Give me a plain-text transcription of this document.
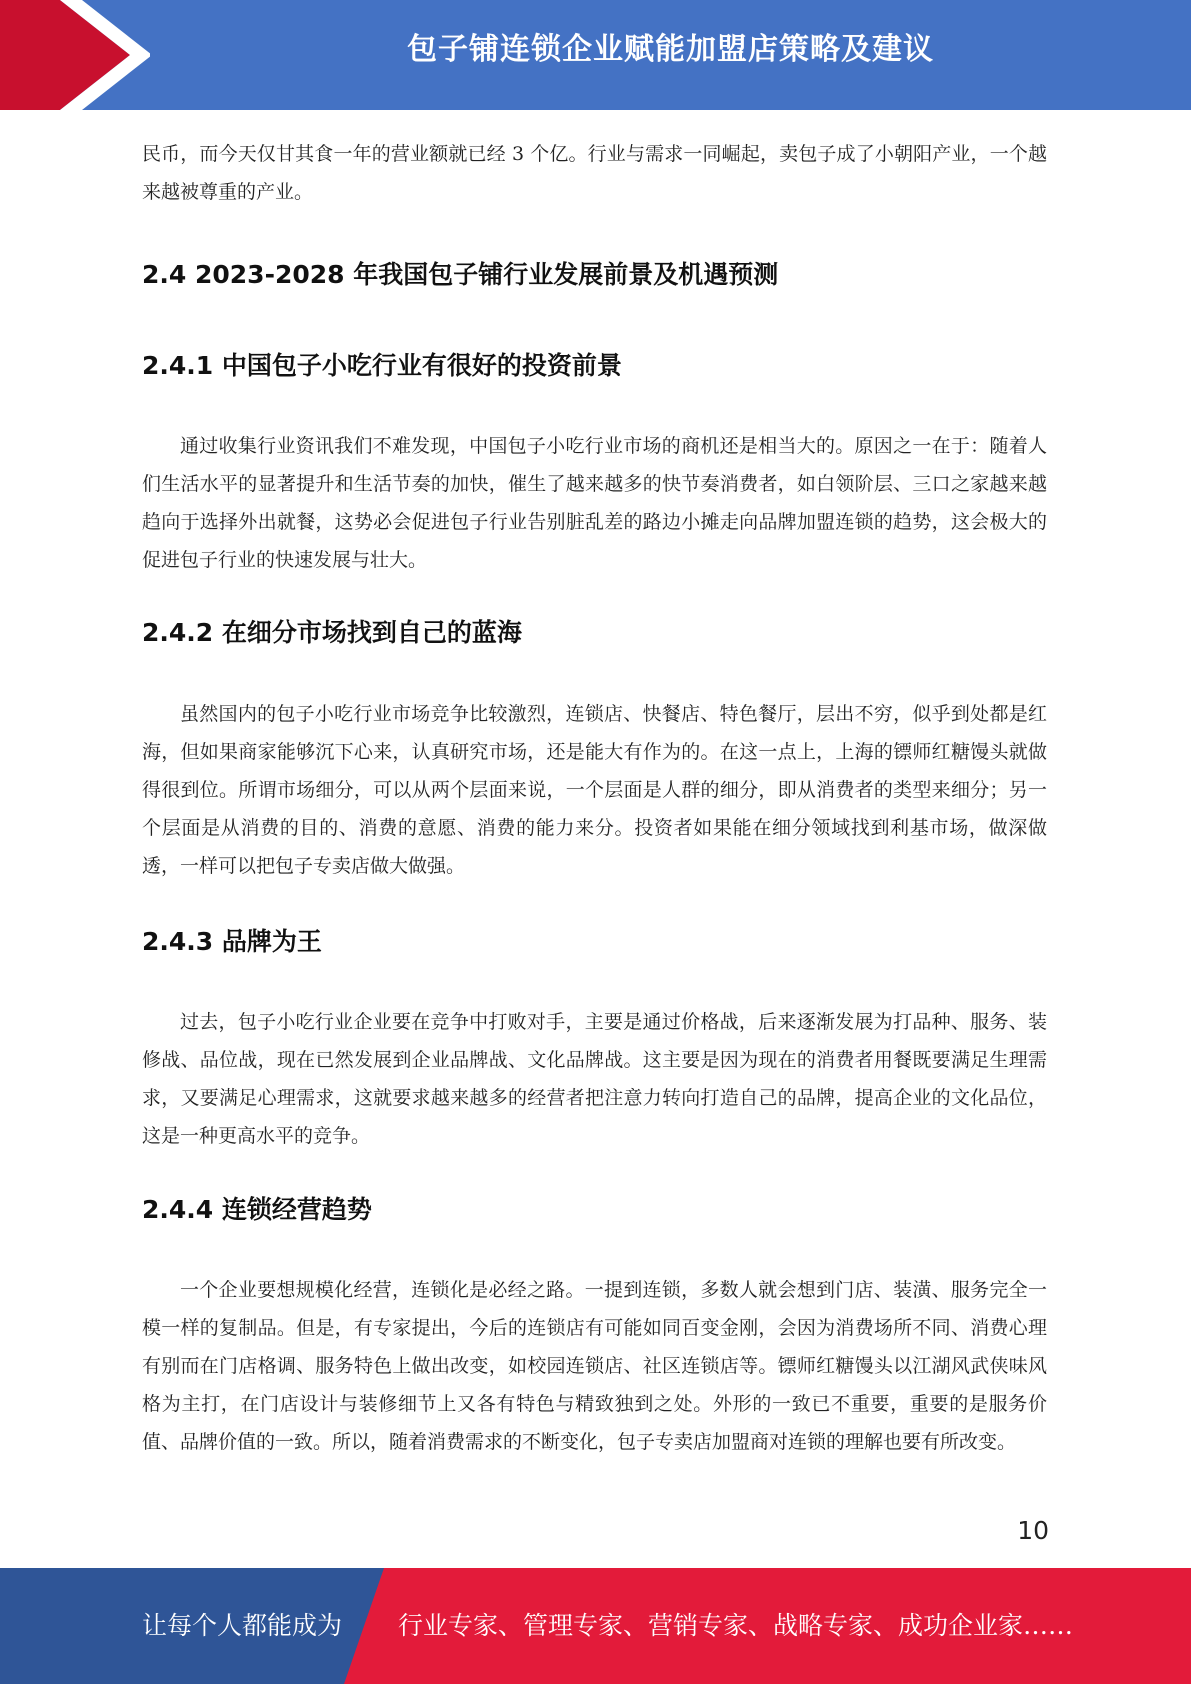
包子铺连锁企业赋能加盟店策略及建议

民币，而今天仅甘其食一年的营业额就已经 3 个亿。行业与需求一同崛起，卖包子成了小朝阳产业，一个越来越被尊重的产业。

2.4 2023-2028 年我国包子铺行业发展前景及机遇预测
2.4.1 中国包子小吃行业有很好的投资前景

通过收集行业资讯我们不难发现，中国包子小吃行业市场的商机还是相当大的。原因之一在于：随着人们生活水平的显著提升和生活节奏的加快，催生了越来越多的快节奏消费者，如白领阶层、三口之家越来越趋向于选择外出就餐，这势必会促进包子行业告别脏乱差的路边小摊走向品牌加盟连锁的趋势，这会极大的促进包子行业的快速发展与壮大。

2.4.2 在细分市场找到自己的蓝海

虽然国内的包子小吃行业市场竞争比较激烈，连锁店、快餐店、特色餐厅，层出不穷，似乎到处都是红海，但如果商家能够沉下心来，认真研究市场，还是能大有作为的。在这一点上，上海的镖师红糖馒头就做得很到位。所谓市场细分，可以从两个层面来说，一个层面是人群的细分，即从消费者的类型来细分；另一个层面是从消费的目的、消费的意愿、消费的能力来分。投资者如果能在细分领域找到利基市场，做深做透，一样可以把包子专卖店做大做强。

2.4.3 品牌为王

过去，包子小吃行业企业要在竞争中打败对手，主要是通过价格战，后来逐渐发展为打品种、服务、装修战、品位战，现在已然发展到企业品牌战、文化品牌战。这主要是因为现在的消费者用餐既要满足生理需求，又要满足心理需求，这就要求越来越多的经营者把注意力转向打造自己的品牌，提高企业的文化品位，这是一种更高水平的竞争。

2.4.4 连锁经营趋势

一个企业要想规模化经营，连锁化是必经之路。一提到连锁，多数人就会想到门店、装潢、服务完全一模一样的复制品。但是，有专家提出，今后的连锁店有可能如同百变金刚，会因为消费场所不同、消费心理有别而在门店格调、服务特色上做出改变，如校园连锁店、社区连锁店等。镖师红糖馒头以江湖风武侠味风格为主打，在门店设计与装修细节上又各有特色与精致独到之处。外形的一致已不重要，重要的是服务价值、品牌价值的一致。所以，随着消费需求的不断变化，包子专卖店加盟商对连锁的理解也要有所改变。

10
让每个人都能成为 行业专家、管理专家、营销专家、战略专家、成功企业家……
